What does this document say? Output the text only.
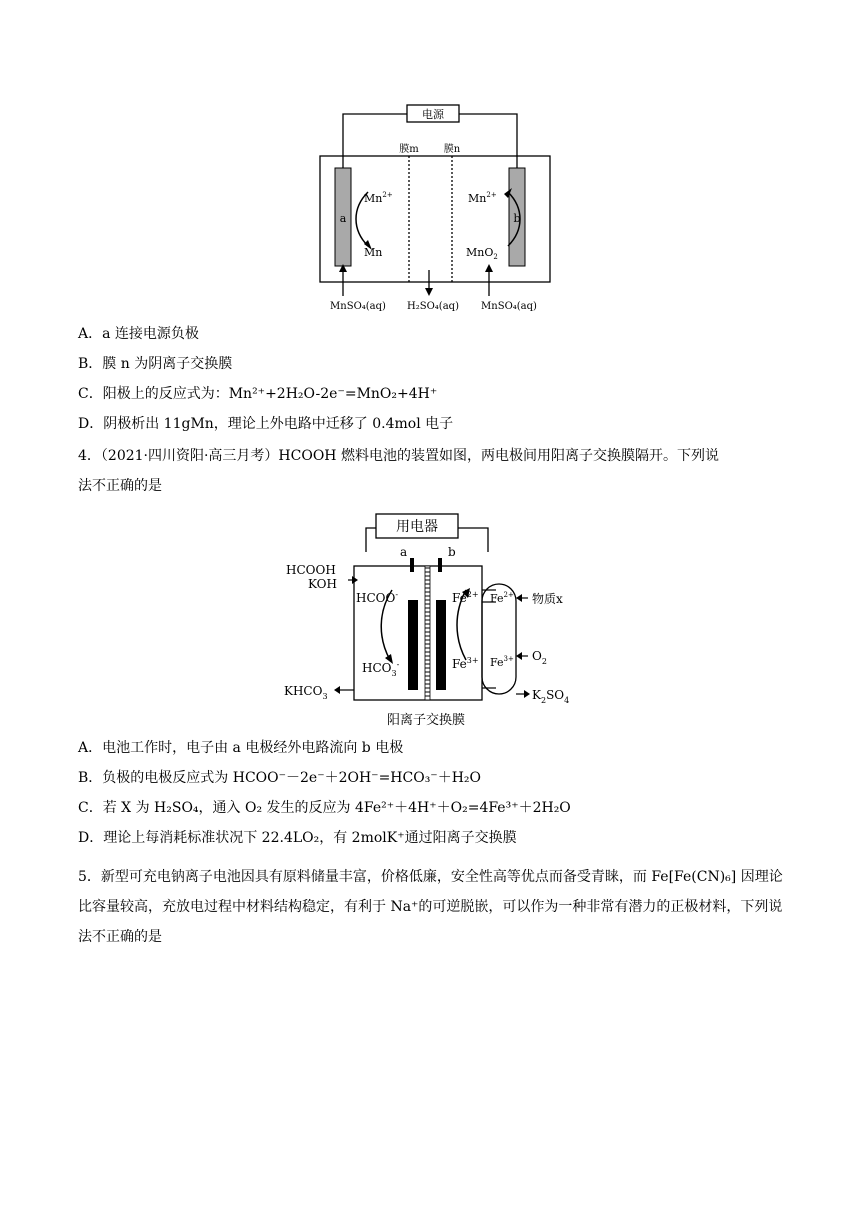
电源
膜m	膜n
a	b
$Mn^{2+}$
Mn
$Mn^{2+}$
MnO$_2$
MnSO₄(aq) H₂SO₄(aq) MnSO₄(aq)
A．a 连接电源负极
B．膜 n 为阴离子交换膜
C．阳极上的反应式为：Mn²⁺+2H₂O-2e⁻=MnO₂+4H⁺
D．阴极析出 11gMn，理论上外电路中迁移了 0.4mol 电子
4．（2021·四川资阳·高三月考）HCOOH 燃料电池的装置如图，两电极间用阳离子交换膜隔开。下列说
法不正确的是
用电器
a	b
HCOOH
KOH
HCOO-
$HCO_3^-$
$Fe^{2+}$
$Fe^{3+}$
$Fe^{2+}$
$Fe^{3+}$
物质x
$O_2$
$KHCO_3$	$K_2SO_4$
阳离子交换膜
A．电池工作时，电子由 a 电极经外电路流向 b 电极
B．负极的电极反应式为 HCOO⁻－2e⁻＋2OH⁻=HCO₃⁻＋H₂O
C．若 X 为 H₂SO₄，通入 O₂ 发生的反应为 4Fe²⁺＋4H⁺＋O₂=4Fe³⁺＋2H₂O
D．理论上每消耗标准状况下 22.4LO₂，有 2molK⁺通过阳离子交换膜
5．新型可充电钠离子电池因具有原料储量丰富，价格低廉，安全性高等优点而备受青睐，而 Fe[Fe(CN)₆] 因理论比容量较高，充放电过程中材料结构稳定，有利于 Na⁺的可逆脱嵌，可以作为一种非常有潜力的正极材料，下列说法不正确的是
